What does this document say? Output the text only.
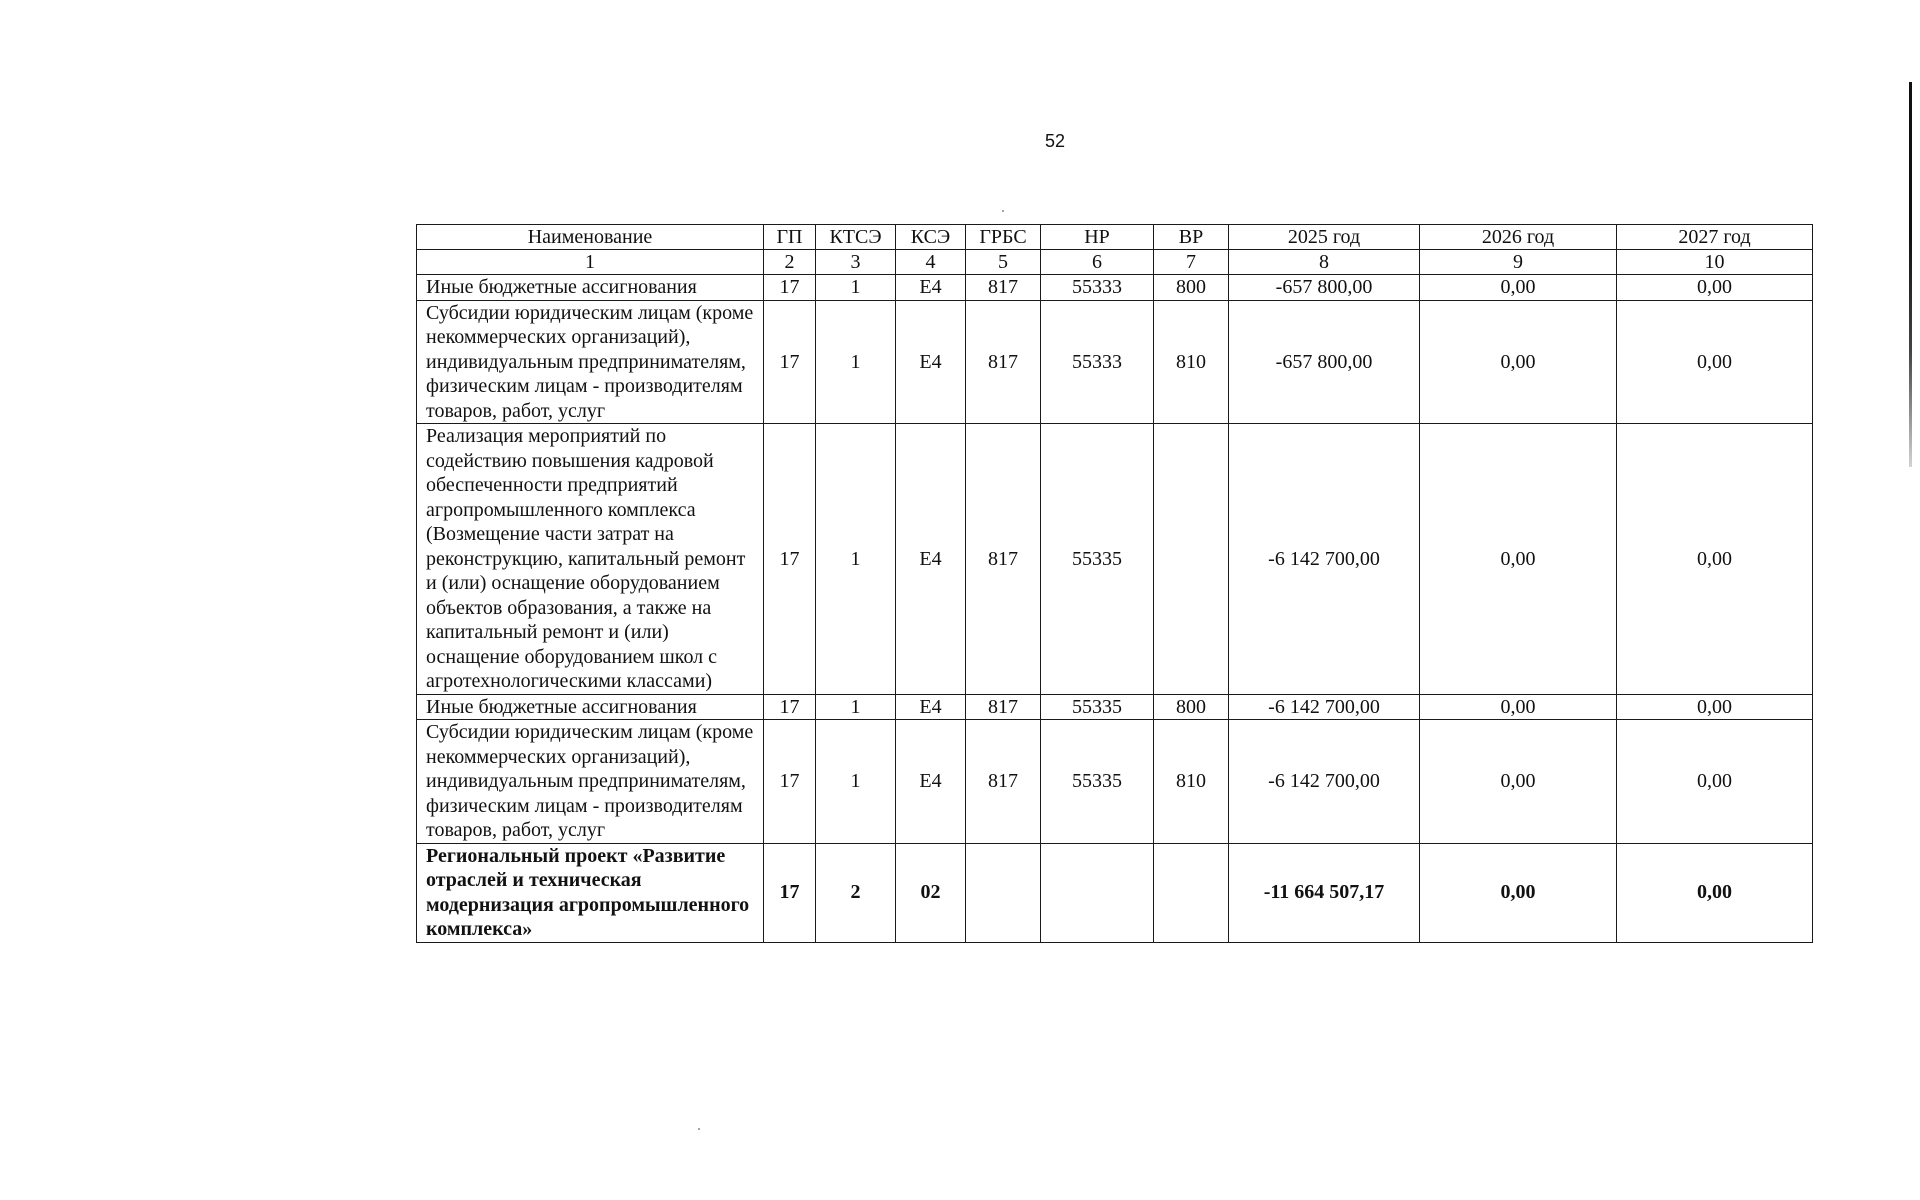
52
Наименование	ГП	КТСЭ	КСЭ	ГРБС	НР	ВР	2025 год	2026 год	2027 год
1	2	3	4	5	6	7	8	9	10
Иные бюджетные ассигнования	17	1	Е4	817	55333	800	-657 800,00	0,00	0,00
Субсидии юридическим лицам (кроме некоммерческих организаций), индивидуальным предпринимателям, физическим лицам - производителям товаров, работ, услуг	17	1	Е4	817	55333	810	-657 800,00	0,00	0,00
Реализация мероприятий по содействию повышения кадровой обеспеченности предприятий агропромышленного комплекса (Возмещение части затрат на реконструкцию, капитальный ремонт и (или) оснащение оборудованием объектов образования, а также на капитальный ремонт и (или) оснащение оборудованием школ с агротехнологическими классами)	17	1	Е4	817	55335		-6 142 700,00	0,00	0,00
Иные бюджетные ассигнования	17	1	Е4	817	55335	800	-6 142 700,00	0,00	0,00
Субсидии юридическим лицам (кроме некоммерческих организаций), индивидуальным предпринимателям, физическим лицам - производителям товаров, работ, услуг	17	1	Е4	817	55335	810	-6 142 700,00	0,00	0,00
Региональный проект «Развитие отраслей и техническая модернизация агропромышленного комплекса»	17	2	02				-11 664 507,17	0,00	0,00
